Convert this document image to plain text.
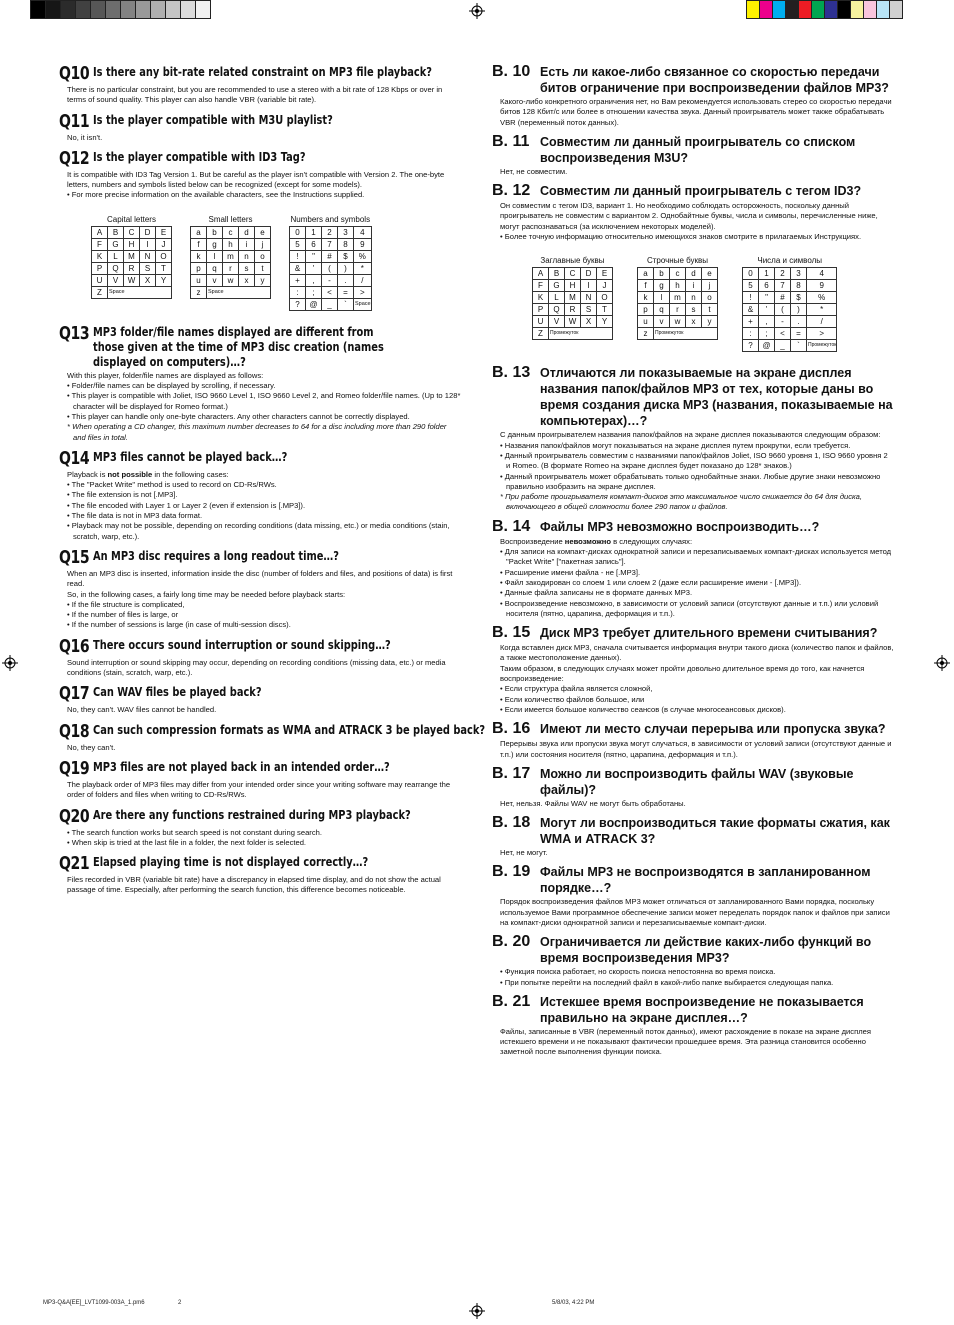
Q10 Is there any bit-rate related constraint on MP3 file playback?

There is no particular constraint, but you are recommended to use a stereo with a bit rate of 128 Kbps or over in terms of sound quality. This player can also handle VBR (variable bit rate).

Q11 Is the player compatible with M3U playlist?

No, it isn't.

Q12 Is the player compatible with ID3 Tag?

It is compatible with ID3 Tag Version 1. But be careful as the player isn't compatible with Version 2. The one-byte letters, numbers and symbols listed below can be recognized (except for some models).

• For more precise information on the available characters, see the Instructions supplied.

Capital letters
A	B	C	D	E
F	G	H	I	J
K	L	M	N	O
P	Q	R	S	T
U	V	W	X	Y
Z	Space			
Small letters
a	b	c	d	e
f	g	h	i	j
k	l	m	n	o
p	q	r	s	t
u	v	w	x	y
z	Space			
Numbers and symbols
0	1	2	3	4
5	6	7	8	9
!	"	#	$	%
&	'	(	)	*
+	,	-	.	/
:	;	<	=	>
?	@	_	`	Space
Q13 MP3 folder/file names displayed are different from those given at the time of MP3 disc creation (names displayed on computers)…?

With this player, folder/file names are displayed as follows:

• Folder/file names can be displayed by scrolling, if necessary.

• This player is compatible with Joliet, ISO 9660 Level 1, ISO 9660 Level 2, and Romeo folder/file names. (Up to 128* character will be displayed for Romeo format.)

• This player can handle only one-byte characters. Any other characters cannot be correctly displayed.

* When operating a CD changer, this maximum number decreases to 64 for a disc including more than 290 folder and files in total.

Q14 MP3 files cannot be played back…?

Playback is not possible in the following cases:

• The "Packet Write" method is used to record on CD-Rs/RWs.

• The file extension is not [.MP3].

• The file encoded with Layer 1 or Layer 2 (even if extension is [.MP3]).

• The file data is not in MP3 data format.

• Playback may not be possible, depending on recording conditions (data missing, etc.) or media conditions (stain, scratch, warp, etc.).

Q15 An MP3 disc requires a long readout time…?

When an MP3 disc is inserted, information inside the disc (number of folders and files, and positions of data) is first read.

So, in the following cases, a fairly long time may be needed before playback starts:

• If the file structure is complicated,

• If the number of files is large, or

• If the number of sessions is large (in case of multi-session discs).

Q16 There occurs sound interruption or sound skipping…?

Sound interruption or sound skipping may occur, depending on recording conditions (missing data, etc.) or media conditions (stain, scratch, warp, etc.).

Q17 Can WAV files be played back?

No, they can't. WAV files cannot be handled.

Q18 Can such compression formats as WMA and ATRACK 3 be played back?

No, they can't.

Q19 MP3 files are not played back in an intended order…?

The playback order of MP3 files may differ from your intended order since your writing software may rearrange the order of folders and files when writing to CD-Rs/RWs.

Q20 Are there any functions restrained during MP3 playback?

• The search function works but search speed is not constant during search.

• When skip is tried at the last file in a folder, the next folder is selected.

Q21 Elapsed playing time is not displayed correctly…?

Files recorded in VBR (variable bit rate) have a discrepancy in elapsed time display, and do not show the actual passage of time. Especially, after performing the search function, this difference becomes noticeable.

В. 10 Есть ли какое-либо связанное со скоростью передачи битов ограничение при воспроизведении файлов MP3?

Какого-либо конкретного ограничения нет, но Вам рекомендуется использовать стерео со скоростью передачи битов 128 Кбит/с или более в отношении качества звука. Данный проигрыватель может также обрабатывать VBR (переменный поток данных).

В. 11 Совместим ли данный проигрыватель со списком воспроизведения M3U?

Нет, не совместим.

В. 12 Совместим ли данный проигрыватель с тегом ID3?

Он совместим с тегом ID3, вариант 1. Но необходимо соблюдать осторожность, поскольку данный проигрыватель не совместим с вариантом 2. Однобайтные буквы, числа и символы, перечисленные ниже, могут распознаваться (за исключением некоторых моделей).

• Более точную информацию относительно имеющихся знаков смотрите в прилагаемых Инструкциях.

Заглавные буквы
A	B	C	D	E
F	G	H	I	J
K	L	M	N	O
P	Q	R	S	T
U	V	W	X	Y
Z	Промежуток			
Строчные буквы
a	b	c	d	e
f	g	h	i	j
k	l	m	n	o
p	q	r	s	t
u	v	w	x	y
z	Промежуток			
Числа и символы
0	1	2	3	4
5	6	7	8	9
!	"	#	$	%
&	'	(	)	*
+	,	-	.	/
:	;	<	=	>
?	@	_	`	Промежуток
В. 13 Отличаются ли показываемые на экране дисплея названия папок/файлов MP3 от тех, которые даны во время создания диска MP3 (названия, показываемые на компьютерах)…?

С данным проигрывателем названия папок/файлов на экране дисплея показываются следующим образом:

• Названия папок/файлов могут показываться на экране дисплея путем прокрутки, если требуется.

• Данный проигрыватель совместим с названиями папок/файлов Joliet, ISO 9660 уровня 1, ISO 9660 уровня 2 и Romeo. (В формате Romeo на экране дисплея будет показано до 128* знаков.)

• Данный проигрыватель может обрабатывать только однобайтные знаки. Любые другие знаки невозможно правильно изобразить на экране дисплея.

* При работе проигрывателя компакт-дисков это максимальное число снижается до 64 для диска, включающего в общей сложности более 290 папок и файлов.

В. 14 Файлы MP3 невозможно воспроизводить…?

Воспроизведение невозможно в следующих случаях:

• Для записи на компакт-дисках однократной записи и перезаписываемых компакт-дисках используется метод "Packet Write" ["пакетная запись"].

• Расширение имени файла - не [.MP3].

• Файл закодирован со слоем 1 или слоем 2 (даже если расширение имени - [.MP3]).

• Данные файла записаны не в формате данных MP3.

• Воспроизведение невозможно, в зависимости от условий записи (отсутствуют данные и т.п.) или условий носителя (пятно, царапина, деформация и т.п.).

В. 15 Диск MP3 требует длительного времени считывания?

Когда вставлен диск MP3, сначала считывается информация внутри такого диска (количество папок и файлов, а также местоположение данных).

Таким образом, в следующих случаях может пройти довольно длительное время до того, как начнется воспроизведение:

• Если структура файла является сложной,

• Если количество файлов большое, или

• Если имеется большое количество сеансов (в случае многосеансовых дисков).

В. 16 Имеют ли место случаи перерыва или пропуска звука?

Перерывы звука или пропуски звука могут случаться, в зависимости от условий записи (отсутствуют данные и т.п.) или состояния носителя (пятно, царапина, деформация и т.п.).

В. 17 Можно ли воспроизводить файлы WAV (звуковые файлы)?

Нет, нельзя. Файлы WAV не могут быть обработаны.

В. 18 Могут ли воспроизводиться такие форматы сжатия, как WMA и ATRACK 3?

Нет, не могут.

В. 19 Файлы MP3 не воспроизводятся в запланированном порядке…?

Порядок воспроизведения файлов MP3 может отличаться от запланированного Вами порядка, поскольку используемое Вами программное обеспечение записи может переделать порядок папок и файлов при записи на компакт-диски однократной записи и перезаписываемые компакт-диски.

В. 20 Ограничивается ли действие каких-либо функций во время воспроизведения MP3?

• Функция поиска работает, но скорость поиска непостоянна во время поиска.

• При попытке перейти на последний файл в какой-либо папке выбирается следующая папка.

В. 21 Истекшее время воспроизведение не показывается правильно на экране дисплея…?

Файлы, записанные в VBR (переменный поток данных), имеют расхождение в показе на экране дисплея истекшего времени и не показывают фактически прошедшее время. Эта разница становится особенно заметной после выполнения функции поиска.

MP3-Q&A[EE]_LVT1099-003A_1.pm6	2	5/8/03, 4:22 PM
